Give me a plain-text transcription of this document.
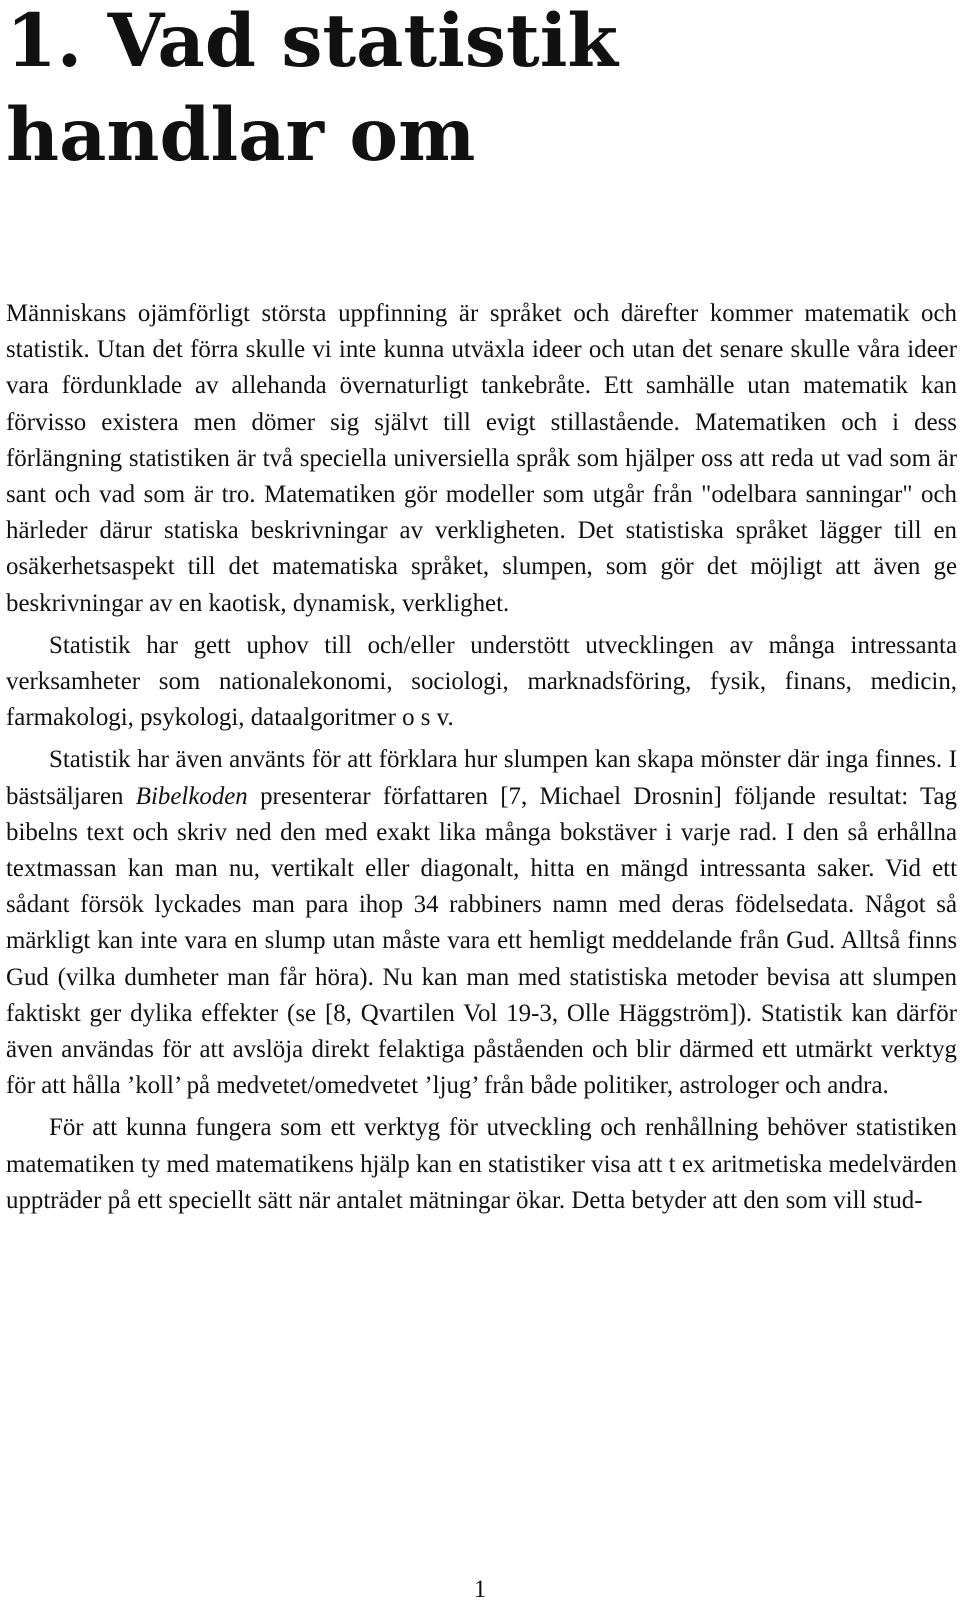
1. Vad statistik handlar om

Människans ojämförligt största uppfinning är språket och därefter kommer matematik och statistik. Utan det förra skulle vi inte kunna utväxla ideer och utan det senare skulle våra ideer vara fördunklade av allehanda övernaturligt tankebråte. Ett samhälle utan matematik kan förvisso existera men dömer sig självt till evigt stillastående. Matematiken och i dess förlängning statistiken är två speciella universiella språk som hjälper oss att reda ut vad som är sant och vad som är tro. Matematiken gör modeller som utgår från "odelbara sanningar" och härleder därur statiska beskrivningar av verkligheten. Det statistiska språket lägger till en osäkerhetsaspekt till det matematiska språket, slumpen, som gör det möjligt att även ge beskrivningar av en kaotisk, dynamisk, verklighet.

Statistik har gett uphov till och/eller understött utvecklingen av många intressanta verksamheter som nationalekonomi, sociologi, marknadsföring, fysik, finans, medicin, farmakologi, psykologi, dataalgoritmer o s v.

Statistik har även använts för att förklara hur slumpen kan skapa mönster där inga finnes. I bästsäljaren Bibelkoden presenterar författaren [7, Michael Drosnin] följande resultat: Tag bibelns text och skriv ned den med exakt lika många bokstäver i varje rad. I den så erhållna textmassan kan man nu, vertikalt eller diagonalt, hitta en mängd intressanta saker. Vid ett sådant försök lyckades man para ihop 34 rabbiners namn med deras födelsedata. Något så märkligt kan inte vara en slump utan måste vara ett hemligt meddelande från Gud. Alltså finns Gud (vilka dumheter man får höra). Nu kan man med statistiska metoder bevisa att slumpen faktiskt ger dylika effekter (se [8, Qvartilen Vol 19-3, Olle Häggström]). Statistik kan därför även användas för att avslöja direkt felaktiga påståenden och blir därmed ett utmärkt verktyg för att hålla ’koll’ på medvetet/omedvetet ’ljug’ från både politiker, astrologer och andra.

För att kunna fungera som ett verktyg för utveckling och renhållning behöver statistiken matematiken ty med matematikens hjälp kan en statistiker visa att t ex aritmetiska medelvärden uppträder på ett speciellt sätt när antalet mätningar ökar. Detta betyder att den som vill stud-

1
